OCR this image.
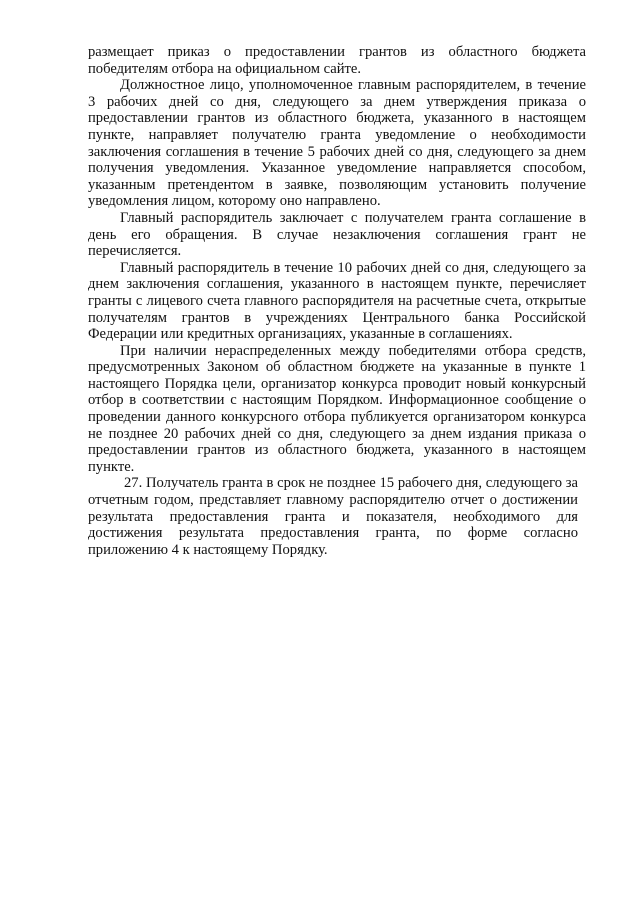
размещает приказ о предоставлении грантов из областного бюджета победителям отбора на официальном сайте.

Должностное лицо, уполномоченное главным распорядителем, в течение 3 рабочих дней со дня, следующего за днем утверждения приказа о предоставлении грантов из областного бюджета, указанного в настоящем пункте, направляет получателю гранта уведомление о необходимости заключения соглашения в течение 5 рабочих дней со дня, следующего за днем получения уведомления. Указанное уведомление направляется способом, указанным претендентом в заявке, позволяющим установить получение уведомления лицом, которому оно направлено.

Главный распорядитель заключает с получателем гранта соглашение в день его обращения. В случае незаключения соглашения грант не перечисляется.

Главный распорядитель в течение 10 рабочих дней со дня, следующего за днем заключения соглашения, указанного в настоящем пункте, перечисляет гранты с лицевого счета главного распорядителя на расчетные счета, открытые получателям грантов в учреждениях Центрального банка Российской Федерации или кредитных организациях, указанные в соглашениях.

При наличии нераспределенных между победителями отбора средств, предусмотренных Законом об областном бюджете на указанные в пункте 1 настоящего Порядка цели, организатор конкурса проводит новый конкурсный отбор в соответствии с настоящим Порядком. Информационное сообщение о проведении данного конкурсного отбора публикуется организатором конкурса не позднее 20 рабочих дней со дня, следующего за днем издания приказа о предоставлении грантов из областного бюджета, указанного в настоящем пункте.

27. Получатель гранта в срок не позднее 15 рабочего дня, следующего за отчетным годом, представляет главному распорядителю отчет о достижении результата предоставления гранта и показателя, необходимого для достижения результата предоставления гранта, по форме согласно приложению 4 к настоящему Порядку.
